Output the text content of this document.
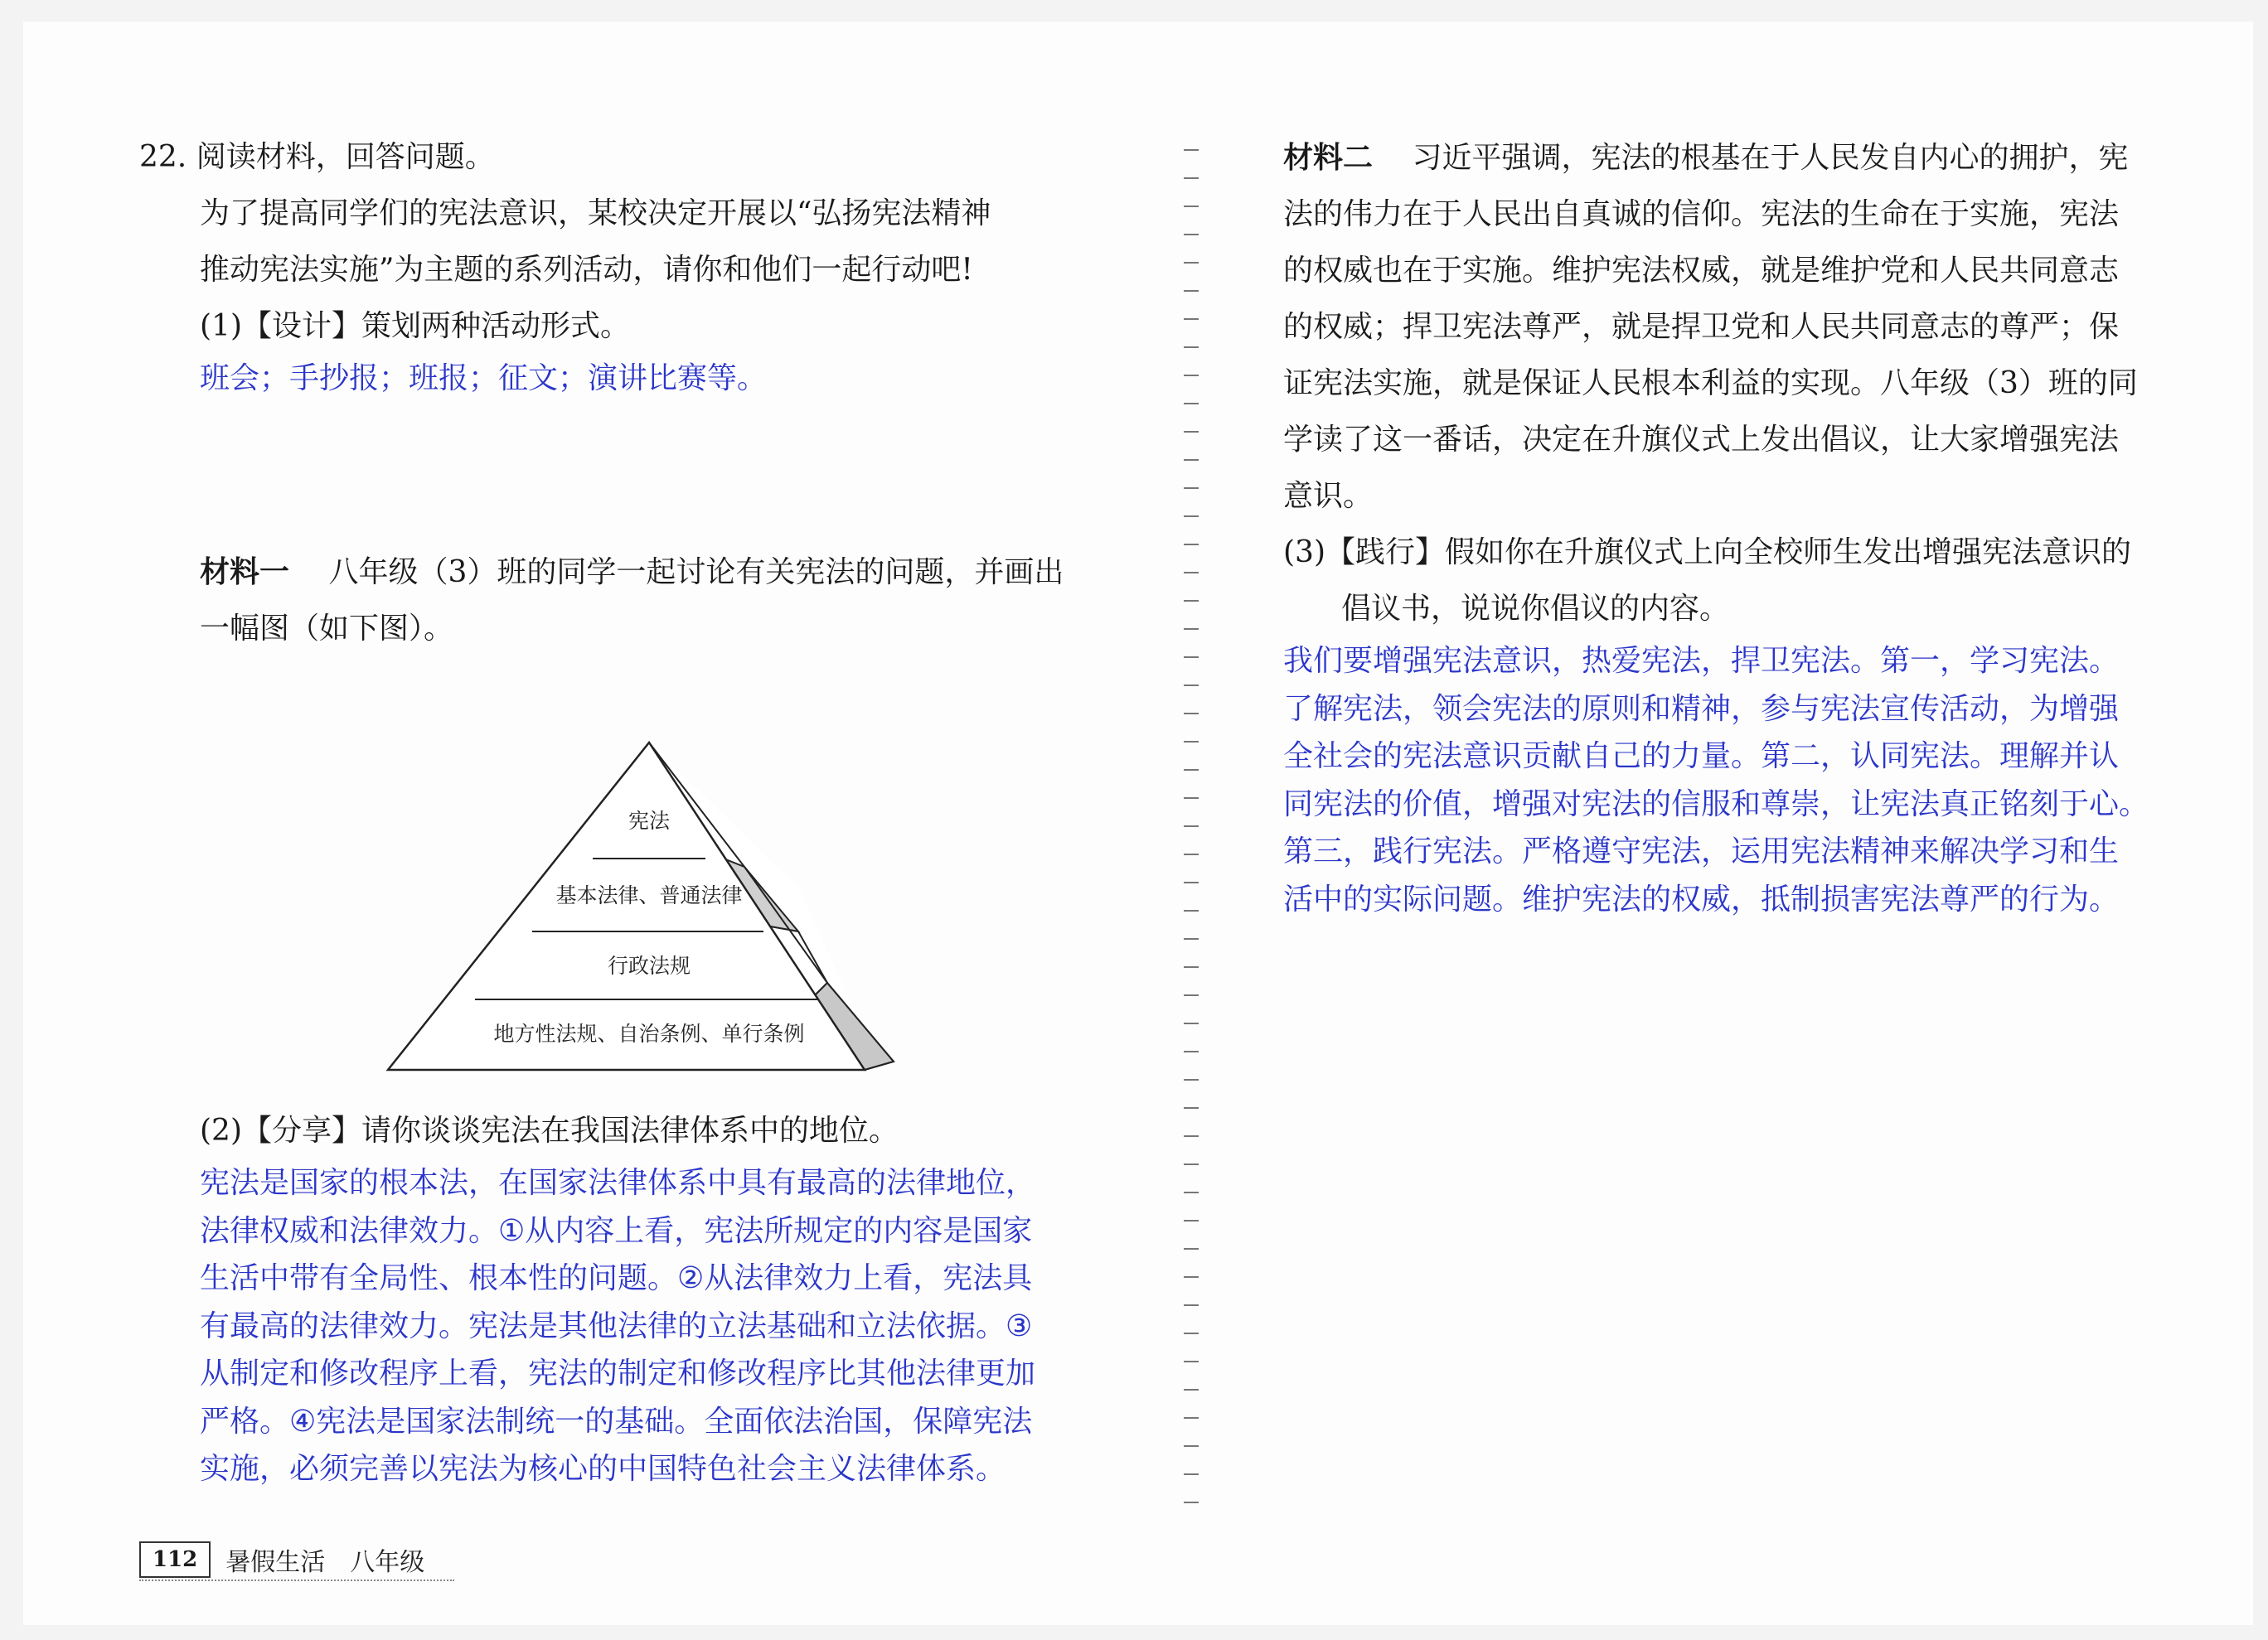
22. 阅读材料，回答问题。
为了提高同学们的宪法意识，某校决定开展以“弘扬宪法精神
推动宪法实施”为主题的系列活动，请你和他们一起行动吧!
(1)【设计】策划两种活动形式。
班会；手抄报；班报；征文；演讲比赛等。
材料一 八年级（3）班的同学一起讨论有关宪法的问题，并画出
一幅图（如下图）。
宪法
基本法律、普通法律
行政法规
地方性法规、自治条例、单行条例
(2)【分享】请你谈谈宪法在我国法律体系中的地位。
宪法是国家的根本法，在国家法律体系中具有最高的法律地位，
法律权威和法律效力。①从内容上看，宪法所规定的内容是国家
生活中带有全局性、根本性的问题。②从法律效力上看，宪法具
有最高的法律效力。宪法是其他法律的立法基础和立法依据。③
从制定和修改程序上看，宪法的制定和修改程序比其他法律更加
严格。④宪法是国家法制统一的基础。全面依法治国，保障宪法
实施，必须完善以宪法为核心的中国特色社会主义法律体系。
材料二 习近平强调，宪法的根基在于人民发自内心的拥护，宪
法的伟力在于人民出自真诚的信仰。宪法的生命在于实施，宪法
的权威也在于实施。维护宪法权威，就是维护党和人民共同意志
的权威；捍卫宪法尊严，就是捍卫党和人民共同意志的尊严；保
证宪法实施，就是保证人民根本利益的实现。八年级（3）班的同
学读了这一番话，决定在升旗仪式上发出倡议，让大家增强宪法
意识。
(3)【践行】假如你在升旗仪式上向全校师生发出增强宪法意识的
倡议书，说说你倡议的内容。
我们要增强宪法意识，热爱宪法，捍卫宪法。第一，学习宪法。
了解宪法，领会宪法的原则和精神，参与宪法宣传活动，为增强
全社会的宪法意识贡献自己的力量。第二，认同宪法。理解并认
同宪法的价值，增强对宪法的信服和尊崇，让宪法真正铭刻于心。
第三，践行宪法。严格遵守宪法，运用宪法精神来解决学习和生
活中的实际问题。维护宪法的权威，抵制损害宪法尊严的行为。
112	暑假生活 八年级
